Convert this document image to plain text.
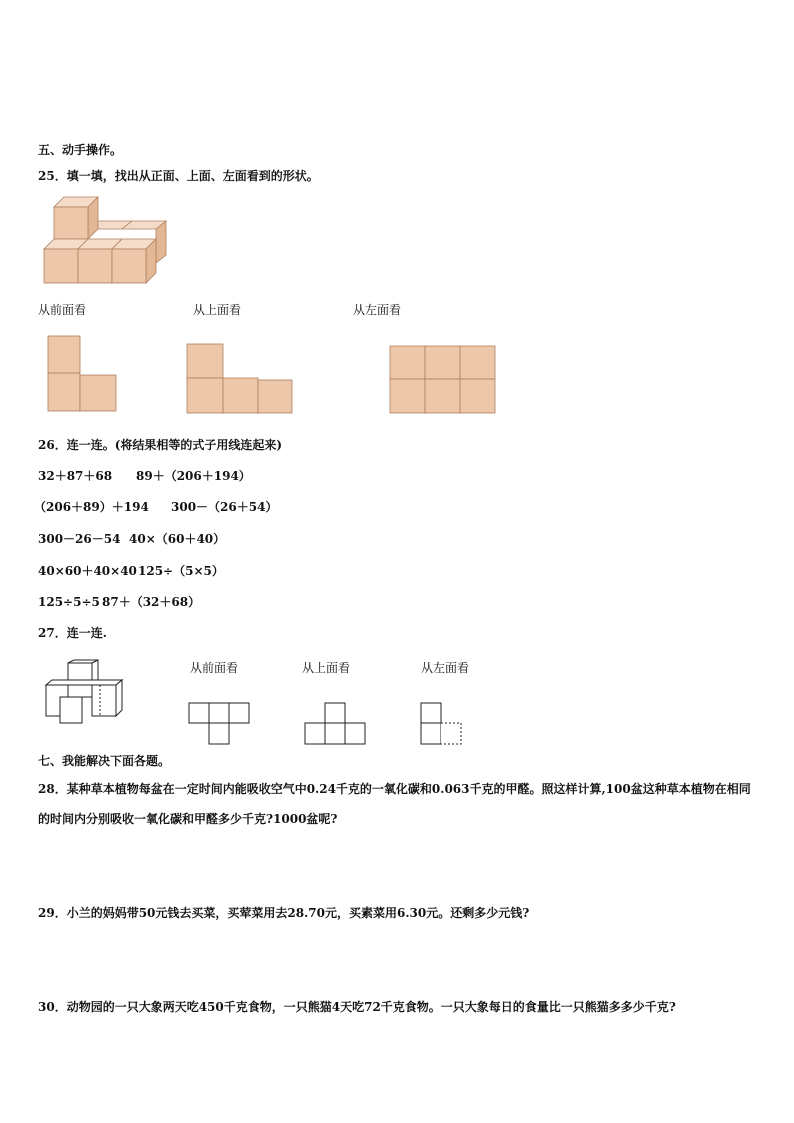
五、动手操作。
25．填一填，找出从正面、上面、左面看到的形状。
从前面看	从上面看	从左面看
26．连一连。(将结果相等的式子用线连起来)
32＋87＋68 89＋（206＋194）
（206＋89）＋194 300－（26＋54）
300－26－54 40×（60＋40）
40×60＋40×40 125÷（5×5）
125÷5÷5 87＋（32＋68）
27．连一连.
从前面看	从上面看	从左面看
七、我能解决下面各题。
28．某种草本植物每盆在一定时间内能吸收空气中0.24千克的一氧化碳和0.063千克的甲醛。照这样计算,100盆这种草本植物在相同的时间内分别吸收一氧化碳和甲醛多少千克?1000盆呢?
29．小兰的妈妈带50元钱去买菜，买荤菜用去28.70元，买素菜用6.30元。还剩多少元钱?
30．动物园的一只大象两天吃450千克食物，一只熊猫4天吃72千克食物。一只大象每日的食量比一只熊猫多多少千克?
